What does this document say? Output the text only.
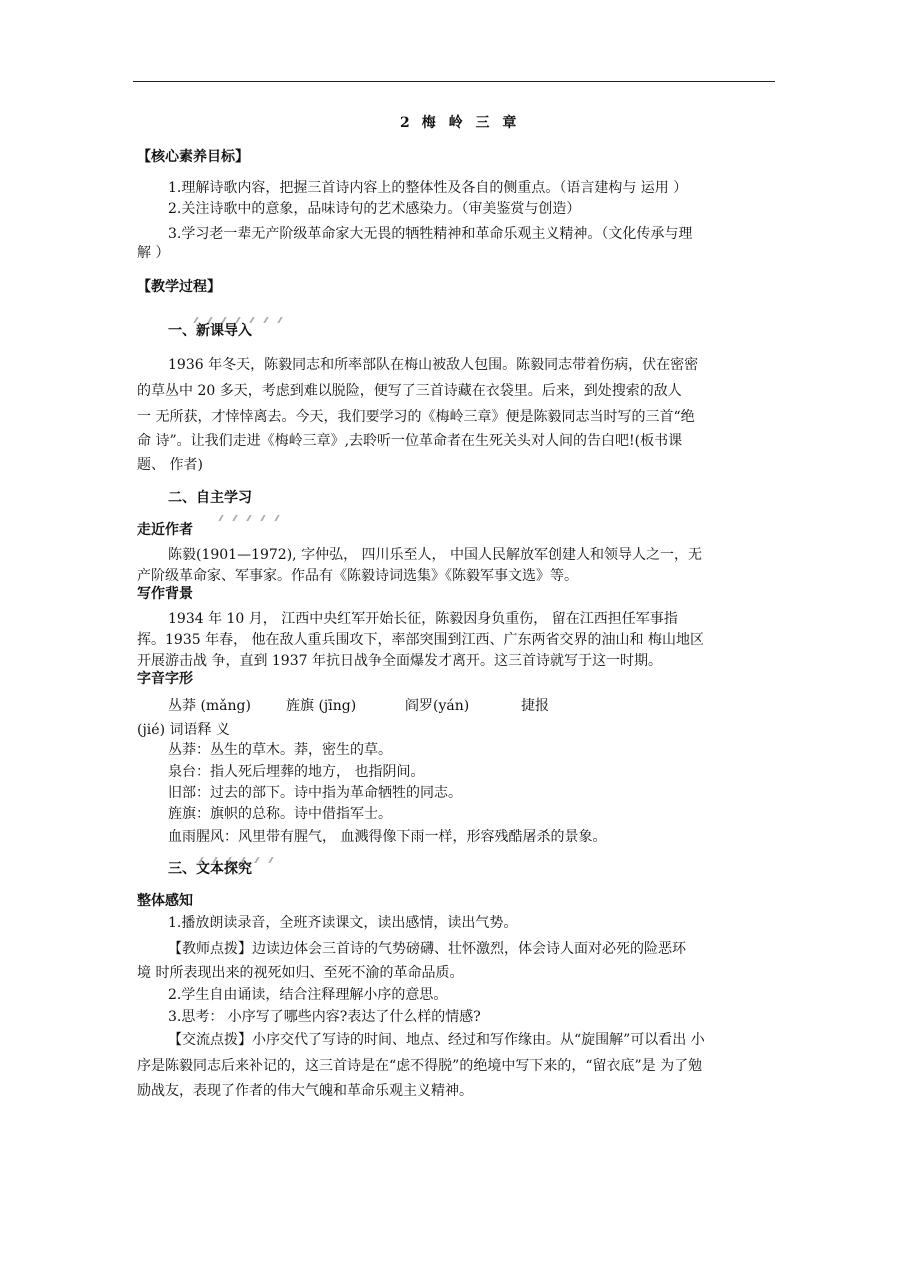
2 梅 岭 三 章
【核心素养目标】
1.理解诗歌内容，把握三首诗内容上的整体性及各自的侧重点。（语言建构与 运用 ）
2.关注诗歌中的意象，品味诗句的艺术感染力。（审美鉴赏与创造）
3.学习老一辈无产阶级革命家大无畏的牺牲精神和革命乐观主义精神。（文化传承与理
解 ）
【教学过程】
一、新课导入
1936 年冬天，陈毅同志和所率部队在梅山被敌人包围。陈毅同志带着伤病，伏在密密
的草丛中 20 多天，考虑到难以脱险，便写了三首诗藏在衣袋里。后来，到处搜索的敌人
一 无所获，才悻悻离去。今天，我们要学习的《梅岭三章》便是陈毅同志当时写的三首“绝
命 诗”。让我们走进《梅岭三章》,去聆听一位革命者在生死关头对人间的告白吧!(板书课
题、 作者)
二、自主学习
走近作者
陈毅(1901—1972), 字仲弘， 四川乐至人， 中国人民解放军创建人和领导人之一，无
产阶级革命家、军事家。作品有《陈毅诗词选集》《陈毅军事文选》等。
写作背景
1934 年 10 月， 江西中央红军开始长征，陈毅因身负重伤， 留在江西担任军事指
挥。1935 年春， 他在敌人重兵围攻下，率部突围到江西、广东两省交界的油山和 梅山地区
开展游击战 争，直到 1937 年抗日战争全面爆发才离开。这三首诗就写于这一时期。
字音字形
丛莽 (mǎng)	旌旗 (jīng)	阎罗(yán)	捷报
(jié) 词语释 义
丛莽：丛生的草木。莽，密生的草。
泉台：指人死后埋葬的地方， 也指阴间。
旧部：过去的部下。诗中指为革命牺牲的同志。
旌旗：旗帜的总称。诗中借指军士。
血雨腥风：风里带有腥气， 血溅得像下雨一样，形容残酷屠杀的景象。
三、文本探究
整体感知
1.播放朗读录音，全班齐读课文，读出感情，读出气势。
【教师点拨】边读边体会三首诗的气势磅礴、壮怀激烈，体会诗人面对必死的险恶环
境 时所表现出来的视死如归、至死不渝的革命品质。
2.学生自由诵读，结合注释理解小序的意思。
3.思考： 小序写了哪些内容?表达了什么样的情感?
【交流点拨】小序交代了写诗的时间、地点、经过和写作缘由。从“旋围解”可以看出 小
序是陈毅同志后来补记的，这三首诗是在“虑不得脱”的绝境中写下来的，“留衣底”是 为了勉
励战友，表现了作者的伟大气魄和革命乐观主义精神。
